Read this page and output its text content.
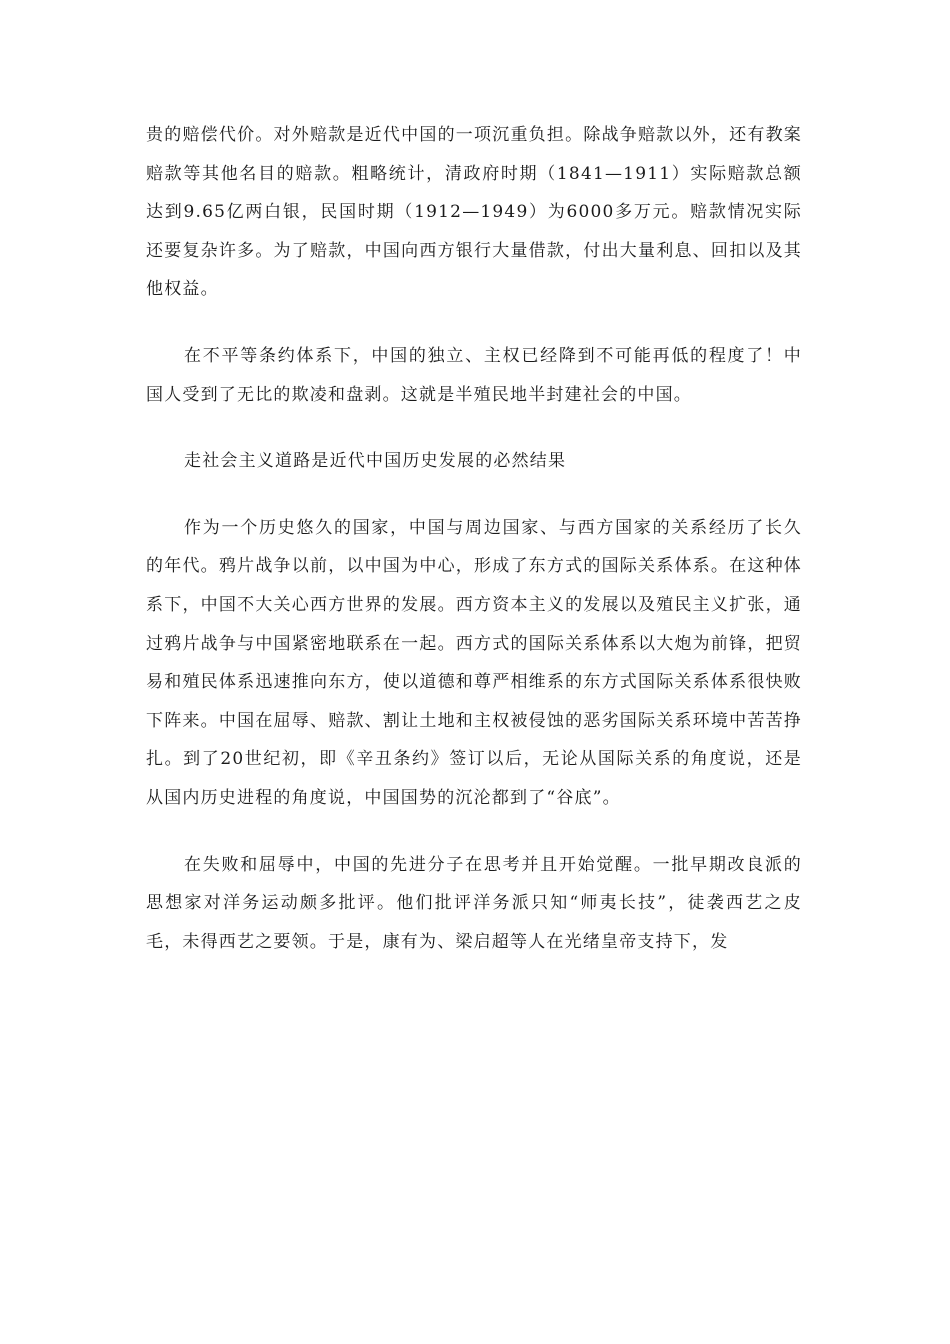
贵的赔偿代价。对外赔款是近代中国的一项沉重负担。除战争赔款以外，还有教案赔款等其他名目的赔款。粗略统计，清政府时期（1841—1911）实际赔款总额达到9.65亿两白银，民国时期（1912—1949）为6000多万元。赔款情况实际还要复杂许多。为了赔款，中国向西方银行大量借款，付出大量利息、回扣以及其他权益。

在不平等条约体系下，中国的独立、主权已经降到不可能再低的程度了！中国人受到了无比的欺凌和盘剥。这就是半殖民地半封建社会的中国。

走社会主义道路是近代中国历史发展的必然结果

作为一个历史悠久的国家，中国与周边国家、与西方国家的关系经历了长久的年代。鸦片战争以前，以中国为中心，形成了东方式的国际关系体系。在这种体系下，中国不大关心西方世界的发展。西方资本主义的发展以及殖民主义扩张，通过鸦片战争与中国紧密地联系在一起。西方式的国际关系体系以大炮为前锋，把贸易和殖民体系迅速推向东方，使以道德和尊严相维系的东方式国际关系体系很快败下阵来。中国在屈辱、赔款、割让土地和主权被侵蚀的恶劣国际关系环境中苦苦挣扎。到了20世纪初，即《辛丑条约》签订以后，无论从国际关系的角度说，还是从国内历史进程的角度说，中国国势的沉沦都到了“谷底”。

在失败和屈辱中，中国的先进分子在思考并且开始觉醒。一批早期改良派的思想家对洋务运动颇多批评。他们批评洋务派只知“师夷长技”，徒袭西艺之皮毛，未得西艺之要领。于是，康有为、梁启超等人在光绪皇帝支持下，发
